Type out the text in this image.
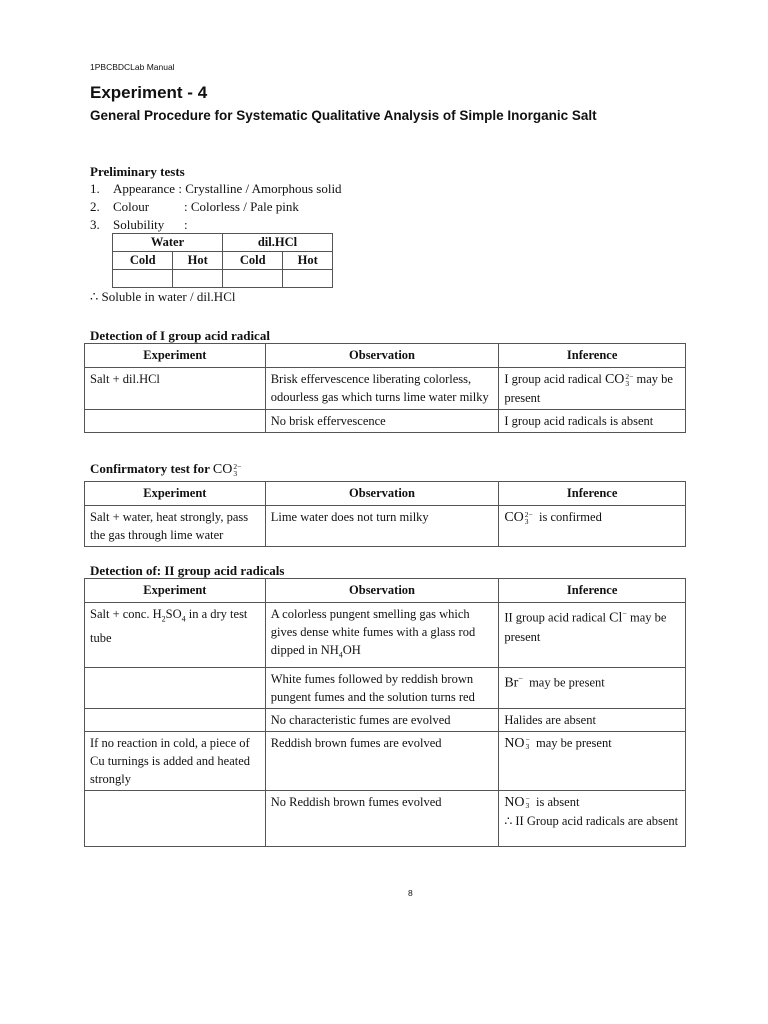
1PBCBDCLab Manual
Experiment - 4
General Procedure for Systematic Qualitative Analysis of Simple Inorganic Salt
Preliminary tests
1. Appearance : Crystalline / Amorphous solid
2. Colour	: Colorless / Pale pink
3. Solubility :
Water		dil.HCl	
Cold	Hot	Cold	Hot

∴ Soluble in water / dil.HCl
Detection of I group acid radical
Experiment	Observation	Inference
Salt + dil.HCl	Brisk effervescence liberating colorless, odourless gas which turns lime water milky	I group acid radical CO 2−
3 may be present
	No brisk effervescence	I group acid radicals is absent
Confirmatory test for CO 2−
3
Experiment	Observation	Inference
Salt + water, heat strongly, pass the gas through lime water	Lime water does not turn milky	CO 2−
3 is confirmed
Detection of: II group acid radicals
Experiment	Observation	Inference
Salt + conc. $H_2SO_4$ in a dry test tube	A colorless pungent smelling gas which gives dense white fumes with a glass rod dipped in $NH_4OH$	II group acid radical Cl− may be present
	White fumes followed by reddish brown pungent fumes and the solution turns red	Br− may be present
	No characteristic fumes are evolved	Halides are absent
If no reaction in cold, a piece of Cu turnings is added and heated strongly	Reddish brown fumes are evolved	NO −
3 may be present
	No Reddish brown fumes evolved	NO −
3 is absent
∴ II Group acid radicals are absent
8
